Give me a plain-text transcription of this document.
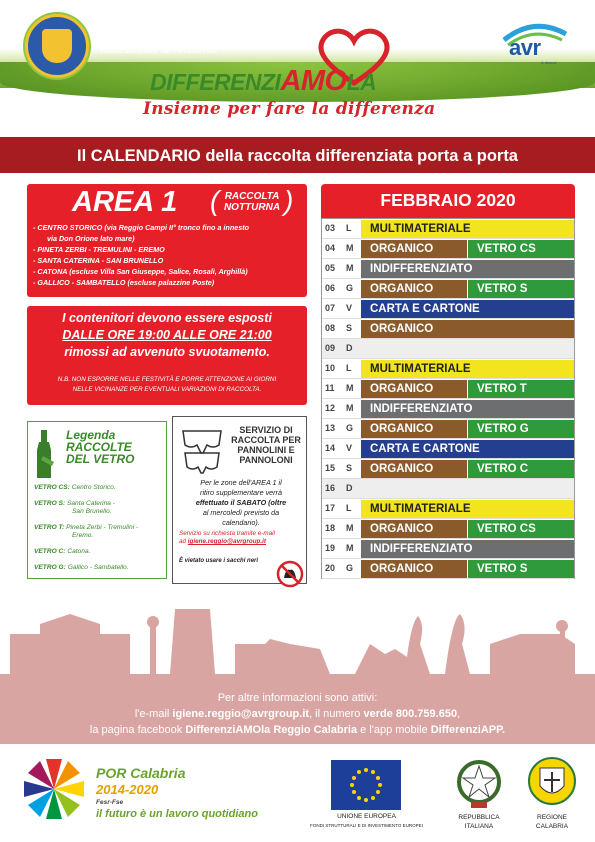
Città di Reggio Calabria
Assessorato all'Ambiente	avr
& diversi
DIFFERENZIAMOLA
Insieme per fare la differenza
Il CALENDARIO della raccolta differenziata porta a porta
AREA 1 ( RACCOLTA
NOTTURNA )
- CENTRO STORICO (via Reggio Campi II° tronco fino a innesto
via Don Orione lato mare)
- PINETA ZERBI - TREMULINI - EREMO
- SANTA CATERINA - SAN BRUNELLO
- CATONA (escluse Villa San Giuseppe, Salice, Rosalì, Arghillà)
- GALLICO - SAMBATELLO (escluse palazzine Poste)
I contenitori devono essere esposti
DALLE ORE 19:00 ALLE ORE 21:00
rimossi ad avvenuto svuotamento.
N.B. NON ESPORRE NELLE FESTIVITÀ E PORRE ATTENZIONE AI GIORNI
NELLE VICINANZE PER EVENTUALI VARIAZIONI DI RACCOLTA.
Legenda
RACCOLTE
DEL VETRO
VETRO CS: Centro Storico.
VETRO S: Santa Caterina -
San Brunello.
VETRO T: Pineta Zerbi - Tremulini -
Eremo.
VETRO C: Catona.
VETRO G: Gallico - Sambatello.
SERVIZIO DI
RACCOLTA PER
PANNOLINI E
PANNOLONI
Per le zone dell'AREA 1 il
ritiro supplementare verrà
effettuato il SABATO (oltre
al mercoledì previsto da
calendario).
Servizio su richiesta tramite e-mail
ad igiene.reggio@avrgroup.it
È vietato usare i sacchi neri
FEBBRAIO 2020
03	L	MULTIMATERIALE
04	M	ORGANICO	VETRO CS
05	M	INDIFFERENZIATO
06	G	ORGANICO	VETRO S
07	V	CARTA E CARTONE
08	S	ORGANICO
09	D
10	L	MULTIMATERIALE
11	M	ORGANICO	VETRO T
12	M	INDIFFERENZIATO
13	G	ORGANICO	VETRO G
14	V	CARTA E CARTONE
15	S	ORGANICO	VETRO C
16	D
17	L	MULTIMATERIALE
18	M	ORGANICO	VETRO CS
19	M	INDIFFERENZIATO
20	G	ORGANICO	VETRO S
Per altre informazioni sono attivi:
l'e-mail igiene.reggio@avrgroup.it, il numero verde 800.759.650,
la pagina facebook DifferenziAMOla Reggio Calabria e l'app mobile DifferenziAPP.
POR Calabria
2014-2020
Fesr-Fse
il futuro è un lavoro quotidiano	UNIONE EUROPEA
FONDI STRUTTURALI E DI INVESTIMENTO EUROPEI
REPUBBLICA
ITALIANA
REGIONE
CALABRIA
